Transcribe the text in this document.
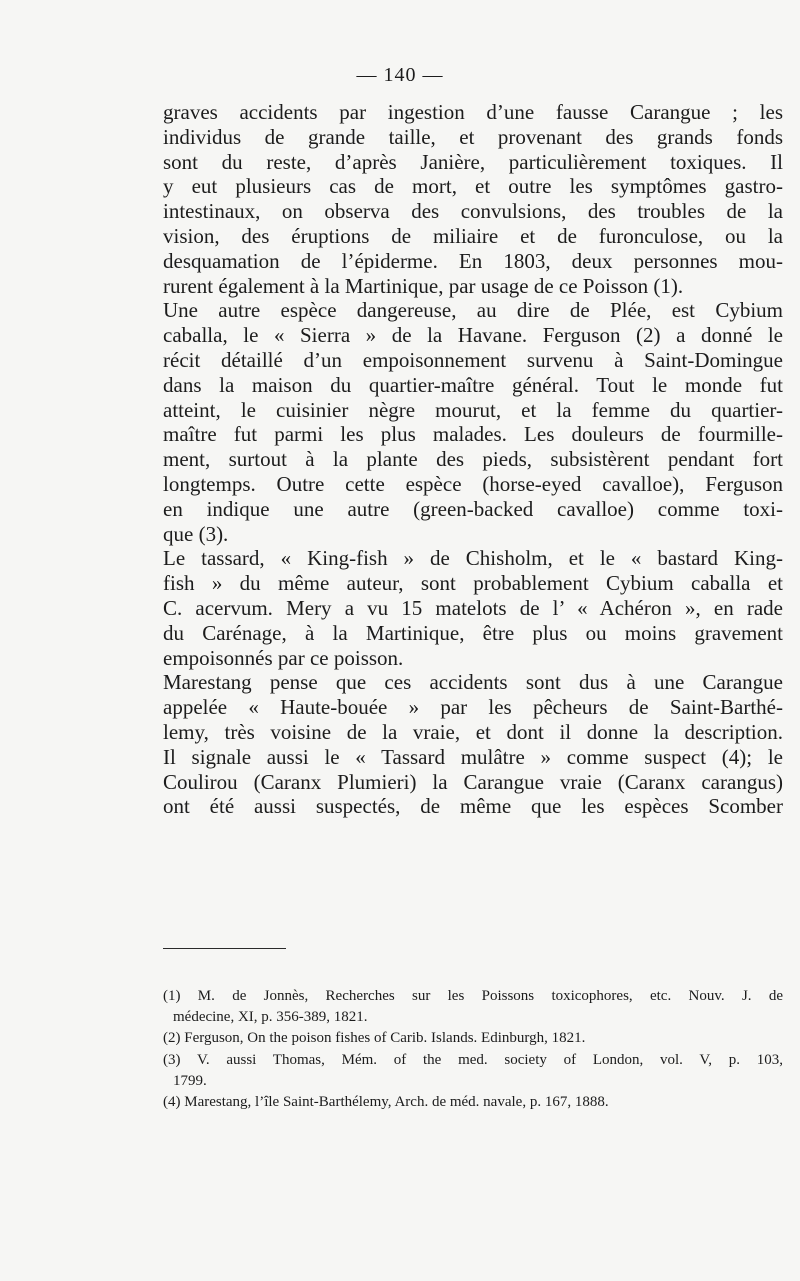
— 140 —
graves accidents par ingestion d’une fausse Carangue ; les
individus de grande taille, et provenant des grands fonds
sont du reste, d’après Janière, particulièrement toxiques. Il
y eut plusieurs cas de mort, et outre les symptômes gastro-
intestinaux, on observa des convulsions, des troubles de la
vision, des éruptions de miliaire et de furonculose, ou la
desquamation de l’épiderme. En 1803, deux personnes mou-
rurent également à la Martinique, par usage de ce Poisson (1).
Une autre espèce dangereuse, au dire de Plée, est Cybium
caballa, le « Sierra » de la Havane. Ferguson (2) a donné le
récit détaillé d’un empoisonnement survenu à Saint-Domingue
dans la maison du quartier-maître général. Tout le monde fut
atteint, le cuisinier nègre mourut, et la femme du quartier-
maître fut parmi les plus malades. Les douleurs de fourmille-
ment, surtout à la plante des pieds, subsistèrent pendant fort
longtemps. Outre cette espèce (horse-eyed cavalloe), Ferguson
en indique une autre (green-backed cavalloe) comme toxi-
que (3).
Le tassard, « King-fish » de Chisholm, et le « bastard King-
fish » du même auteur, sont probablement Cybium caballa et
C. acervum. Mery a vu 15 matelots de l’ « Achéron », en rade
du Carénage, à la Martinique, être plus ou moins gravement
empoisonnés par ce poisson.
Marestang pense que ces accidents sont dus à une Carangue
appelée « Haute-bouée » par les pêcheurs de Saint-Barthé-
lemy, très voisine de la vraie, et dont il donne la description.
Il signale aussi le « Tassard mulâtre » comme suspect (4); le
Coulirou (Caranx Plumieri) la Carangue vraie (Caranx carangus)
ont été aussi suspectés, de même que les espèces Scomber
(1) M. de Jonnès, Recherches sur les Poissons toxicophores, etc. Nouv. J. de
médecine, XI, p. 356-389, 1821.
(2) Ferguson, On the poison fishes of Carib. Islands. Edinburgh, 1821.
(3) V. aussi Thomas, Mém. of the med. society of London, vol. V, p. 103,
1799.
(4) Marestang, l’île Saint-Barthélemy, Arch. de méd. navale, p. 167, 1888.
